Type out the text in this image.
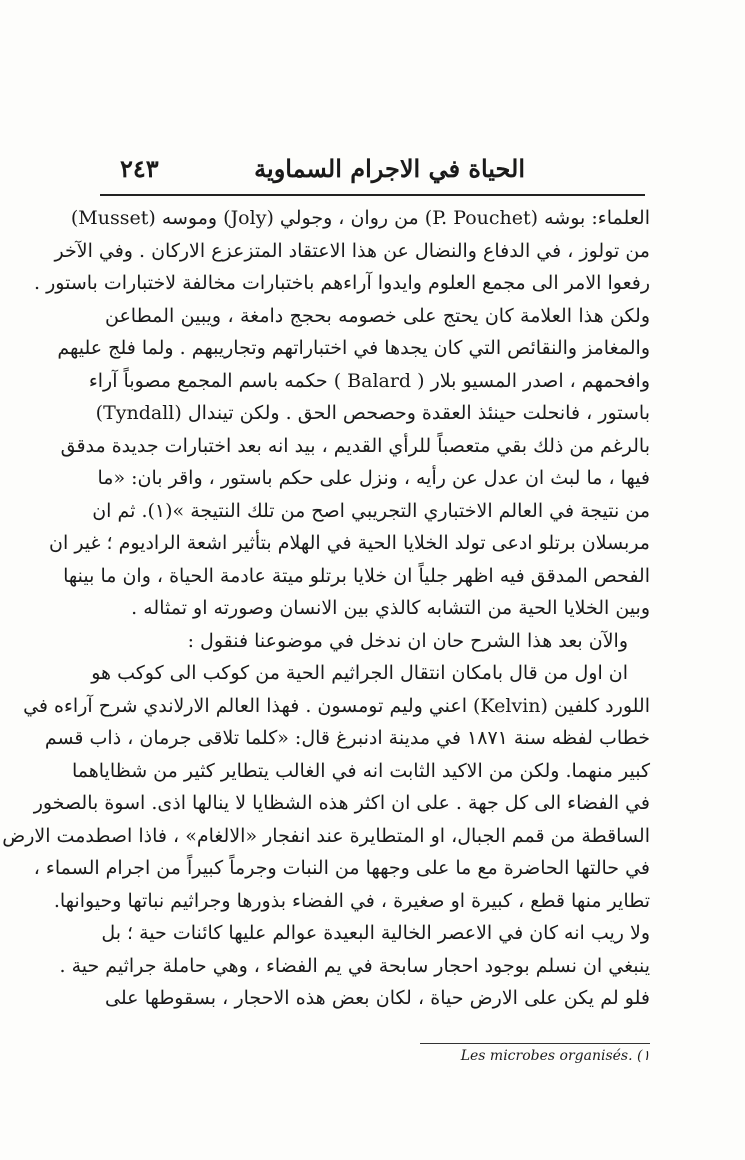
الحياة في الاجرام السماوية
٢٤٣
العلماء: بوشه (P. Pouchet) من روان ، وجولي (Joly) وموسه (Musset)
من تولوز ، في الدفاع والنضال عن هذا الاعتقاد المتزعزع الاركان . وفي الآخر
رفعوا الامر الى مجمع العلوم وايدوا آراءهم باختبارات مخالفة لاختبارات باستور .
ولكن هذا العلامة كان يحتج على خصومه بحجج دامغة ، ويبين المطاعن
والمغامز والنقائص التي كان يجدها في اختباراتهم وتجاريبهم . ولما فلج عليهم
وافحمهم ، اصدر المسيو بلار ( Balard ) حكمه باسم المجمع مصوباً آراء
باستور ، فانحلت حينئذ العقدة وحصحص الحق . ولكن تيندال (Tyndall)
بالرغم من ذلك بقي متعصباً للرأي القديم ، بيد انه بعد اختبارات جديدة مدقق
فيها ، ما لبث ان عدل عن رأيه ، ونزل على حكم باستور ، واقر بان: «ما
من نتيجة في العالم الاختباري التجريبي اصح من تلك النتيجة »(١). ثم ان
مربسلان برتلو ادعى تولد الخلايا الحية في الهلام بتأثير اشعة الراديوم ؛ غير ان
الفحص المدقق فيه اظهر جلياً ان خلايا برتلو ميتة عادمة الحياة ، وان ما بينها
وبين الخلايا الحية من التشابه كالذي بين الانسان وصورته او تمثاله .
والآن بعد هذا الشرح حان ان ندخل في موضوعنا فنقول :
ان اول من قال بامكان انتقال الجراثيم الحية من كوكب الى كوكب هو
اللورد كلفين (Kelvin) اعني وليم تومسون . فهذا العالم الارلاندي شرح آراءه في
خطاب لفظه سنة ١٨٧١ في مدينة ادنبرغ قال: «كلما تلاقى جرمان ، ذاب قسم
كبير منهما. ولكن من الاكيد الثابت انه في الغالب يتطاير كثير من شظاياهما
في الفضاء الى كل جهة . على ان اكثر هذه الشظايا لا ينالها اذى. اسوة بالصخور
الساقطة من قمم الجبال، او المتطايرة عند انفجار «الالغام» ، فاذا اصطدمت الارض
في حالتها الحاضرة مع ما على وجهها من النبات وجرماً كبيراً من اجرام السماء ،
تطاير منها قطع ، كبيرة او صغيرة ، في الفضاء بذورها وجراثيم نباتها وحيوانها.
ولا ريب انه كان في الاعصر الخالية البعيدة عوالم عليها كائنات حية ؛ بل
ينبغي ان نسلم بوجود احجار سابحة في يم الفضاء ، وهي حاملة جراثيم حية .
فلو لم يكن على الارض حياة ، لكان بعض هذه الاحجار ، بسقوطها على
Les microbes organisés. (١
